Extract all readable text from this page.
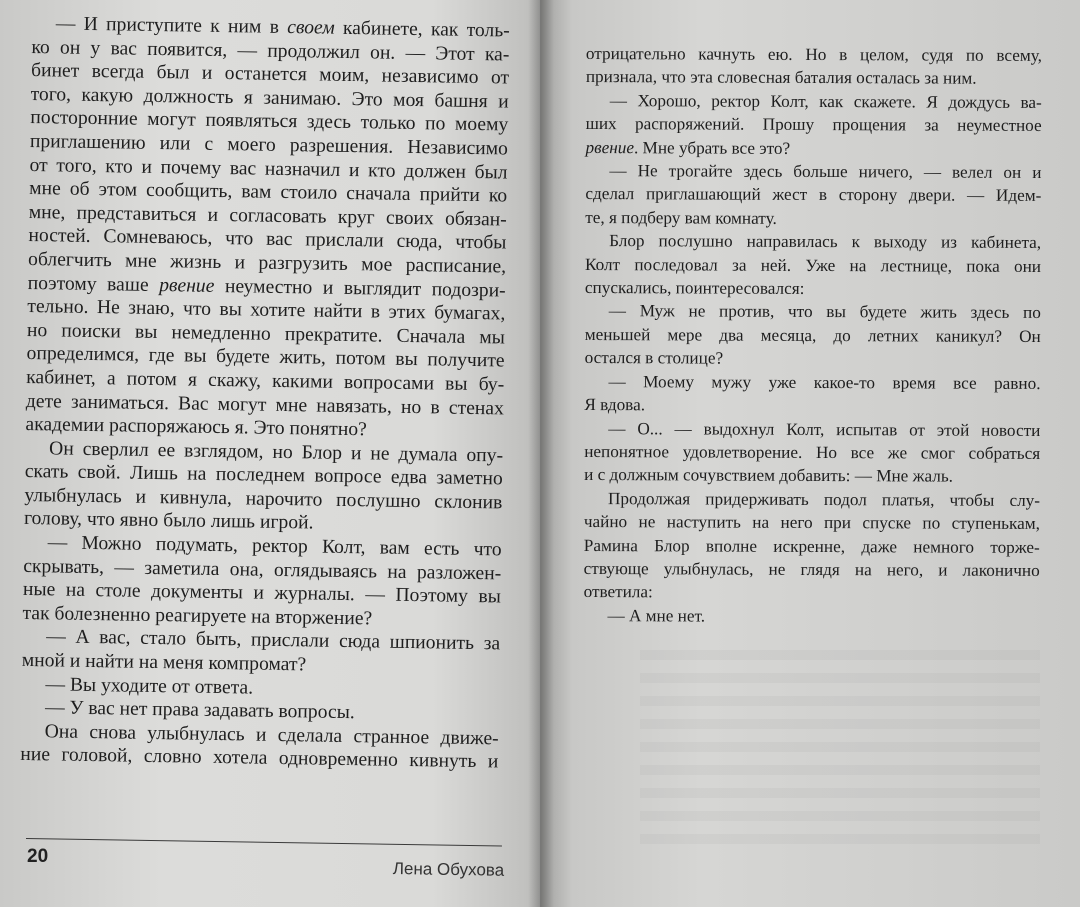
— И приступите к ним в своем кабинете, как толь-
ко он у вас появится, — продолжил он. — Этот ка-
бинет всегда был и останется моим, независимо от
того, какую должность я занимаю. Это моя башня и
посторонние могут появляться здесь только по моему
приглашению или с моего разрешения. Независимо
от того, кто и почему вас назначил и кто должен был
мне об этом сообщить, вам стоило сначала прийти ко
мне, представиться и согласовать круг своих обязан-
ностей. Сомневаюсь, что вас прислали сюда, чтобы
облегчить мне жизнь и разгрузить мое расписание,
поэтому ваше рвение неуместно и выглядит подозри-
тельно. Не знаю, что вы хотите найти в этих бумагах,
но поиски вы немедленно прекратите. Сначала мы
определимся, где вы будете жить, потом вы получите
кабинет, а потом я скажу, какими вопросами вы бу-
дете заниматься. Вас могут мне навязать, но в стенах
академии распоряжаюсь я. Это понятно?
Он сверлил ее взглядом, но Блор и не думала опу-
скать свой. Лишь на последнем вопросе едва заметно
улыбнулась и кивнула, нарочито послушно склонив
голову, что явно было лишь игрой.
— Можно подумать, ректор Колт, вам есть что
скрывать, — заметила она, оглядываясь на разложен-
ные на столе документы и журналы. — Поэтому вы
так болезненно реагируете на вторжение?
— А вас, стало быть, прислали сюда шпионить за
мной и найти на меня компромат?
— Вы уходите от ответа.
— У вас нет права задавать вопросы.
Она снова улыбнулась и сделала странное движе-
ние головой, словно хотела одновременно кивнуть и
отрицательно качнуть ею. Но в целом, судя по всему,
признала, что эта словесная баталия осталась за ним.
— Хорошо, ректор Колт, как скажете. Я дождусь ва-
ших распоряжений. Прошу прощения за неуместное
рвение. Мне убрать все это?
— Не трогайте здесь больше ничего, — велел он и
сделал приглашающий жест в сторону двери. — Идем-
те, я подберу вам комнату.
Блор послушно направилась к выходу из кабинета,
Колт последовал за ней. Уже на лестнице, пока они
спускались, поинтересовался:
— Муж не против, что вы будете жить здесь по
меньшей мере два месяца, до летних каникул? Он
остался в столице?
— Моему мужу уже какое-то время все равно.
Я вдова.
— О... — выдохнул Колт, испытав от этой новости
непонятное удовлетворение. Но все же смог собраться
и с должным сочувствием добавить: — Мне жаль.
Продолжая придерживать подол платья, чтобы слу-
чайно не наступить на него при спуске по ступенькам,
Рамина Блор вполне искренне, даже немного торже-
ствующе улыбнулась, не глядя на него, и лаконично
ответила:
— А мне нет.
20
Лена Обухова
